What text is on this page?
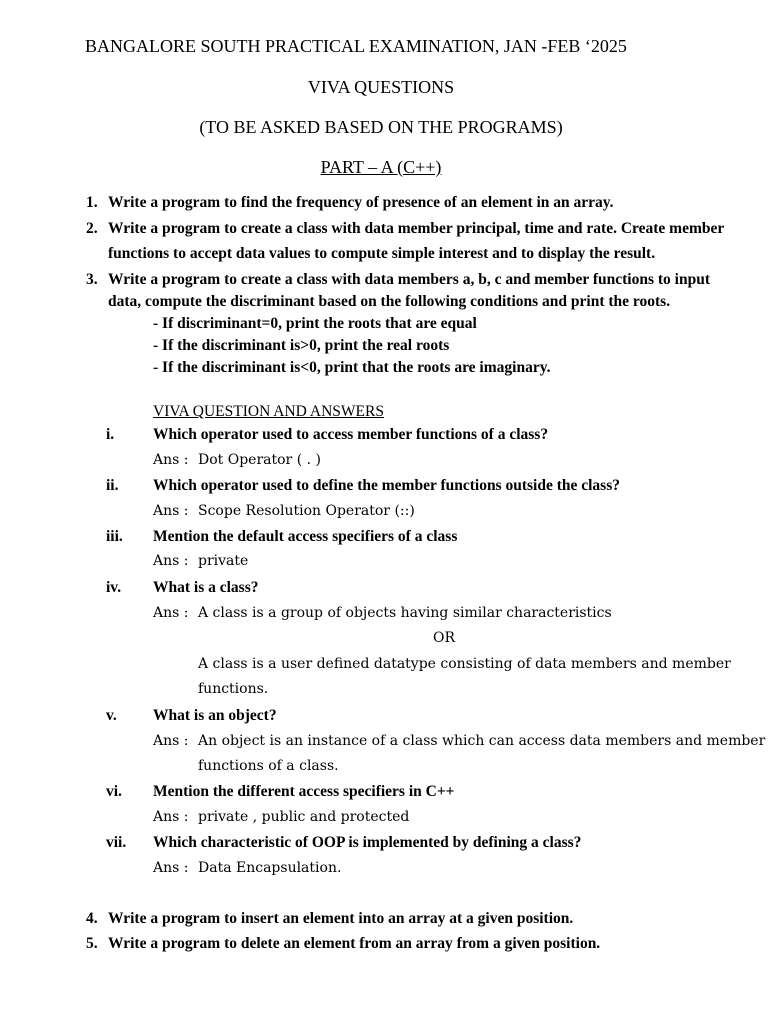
BANGALORE SOUTH PRACTICAL EXAMINATION, JAN -FEB ‘2025
VIVA QUESTIONS
(TO BE ASKED BASED ON THE PROGRAMS)
PART – A (C++)
1. Write a program to find the frequency of presence of an element in an array.
2. Write a program to create a class with data member principal, time and rate. Create member
functions to accept data values to compute simple interest and to display the result.
3. Write a program to create a class with data members a, b, c and member functions to input
data, compute the discriminant based on the following conditions and print the roots.
- If discriminant=0, print the roots that are equal
- If the discriminant is>0, print the real roots
- If the discriminant is<0, print that the roots are imaginary.
VIVA QUESTION AND ANSWERS
i.	Which operator used to access member functions of a class?
Ans : Dot Operator ( . )
ii. Which operator used to define the member functions outside the class?
Ans : Scope Resolution Operator (::)
iii. Mention the default access specifiers of a class
Ans : private
iv. What is a class?
Ans : A class is a group of objects having similar characteristics
OR
A class is a user defined datatype consisting of data members and member
functions.
v. What is an object?
Ans : An object is an instance of a class which can access data members and member
functions of a class.
vi. Mention the different access specifiers in C++
Ans : private , public and protected
vii. Which characteristic of OOP is implemented by defining a class?
Ans : Data Encapsulation.
4. Write a program to insert an element into an array at a given position.
5. Write a program to delete an element from an array from a given position.
